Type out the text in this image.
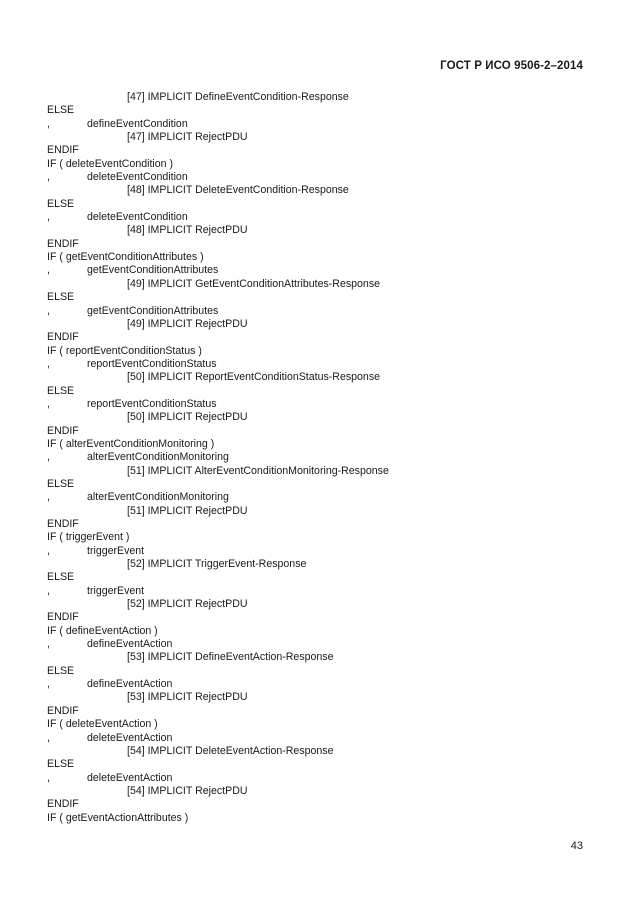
ГОСТ Р ИСО 9506-2–2014
[47] IMPLICIT DefineEventCondition-Response
ELSE
,	defineEventCondition
[47] IMPLICIT RejectPDU
ENDIF
IF ( deleteEventCondition )
,	deleteEventCondition
[48] IMPLICIT DeleteEventCondition-Response
ELSE
,	deleteEventCondition
[48] IMPLICIT RejectPDU
ENDIF
IF ( getEventConditionAttributes )
,	getEventConditionAttributes
[49] IMPLICIT GetEventConditionAttributes-Response
ELSE
,	getEventConditionAttributes
[49] IMPLICIT RejectPDU
ENDIF
IF ( reportEventConditionStatus )
,	reportEventConditionStatus
[50] IMPLICIT ReportEventConditionStatus-Response
ELSE
,	reportEventConditionStatus
[50] IMPLICIT RejectPDU
ENDIF
IF ( alterEventConditionMonitoring )
,	alterEventConditionMonitoring
[51] IMPLICIT AlterEventConditionMonitoring-Response
ELSE
,	alterEventConditionMonitoring
[51] IMPLICIT RejectPDU
ENDIF
IF ( triggerEvent )
,	triggerEvent
[52] IMPLICIT TriggerEvent-Response
ELSE
,	triggerEvent
[52] IMPLICIT RejectPDU
ENDIF
IF ( defineEventAction )
,	defineEventAction
[53] IMPLICIT DefineEventAction-Response
ELSE
,	defineEventAction
[53] IMPLICIT RejectPDU
ENDIF
IF ( deleteEventAction )
,	deleteEventAction
[54] IMPLICIT DeleteEventAction-Response
ELSE
,	deleteEventAction
[54] IMPLICIT RejectPDU
ENDIF
IF ( getEventActionAttributes )
43
